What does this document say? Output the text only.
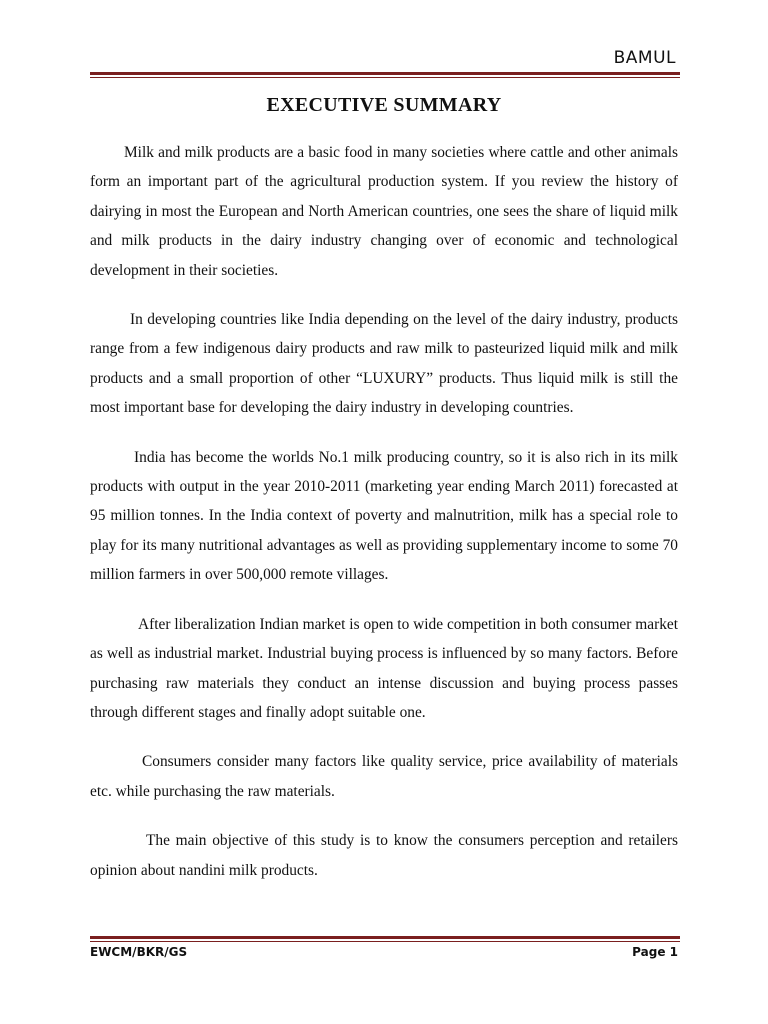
BAMUL
EXECUTIVE SUMMARY

Milk and milk products are a basic food in many societies where cattle and other animals form an important part of the agricultural production system. If you review the history of dairying in most the European and North American countries, one sees the share of liquid milk and milk products in the dairy industry changing over of economic and technological development in their societies.

In developing countries like India depending on the level of the dairy industry, products range from a few indigenous dairy products and raw milk to pasteurized liquid milk and milk products and a small proportion of other “LUXURY” products. Thus liquid milk is still the most important base for developing the dairy industry in developing countries.

India has become the worlds No.1 milk producing country, so it is also rich in its milk products with output in the year 2010-2011 (marketing year ending March 2011) forecasted at 95 million tonnes. In the India context of poverty and malnutrition, milk has a special role to play for its many nutritional advantages as well as providing supplementary income to some 70 million farmers in over 500,000 remote villages.

After liberalization Indian market is open to wide competition in both consumer market as well as industrial market. Industrial buying process is influenced by so many factors. Before purchasing raw materials they conduct an intense discussion and buying process passes through different stages and finally adopt suitable one.

Consumers consider many factors like quality service, price availability of materials etc. while purchasing the raw materials.

The main objective of this study is to know the consumers perception and retailers opinion about nandini milk products.

EWCM/BKR/GS	Page 1
